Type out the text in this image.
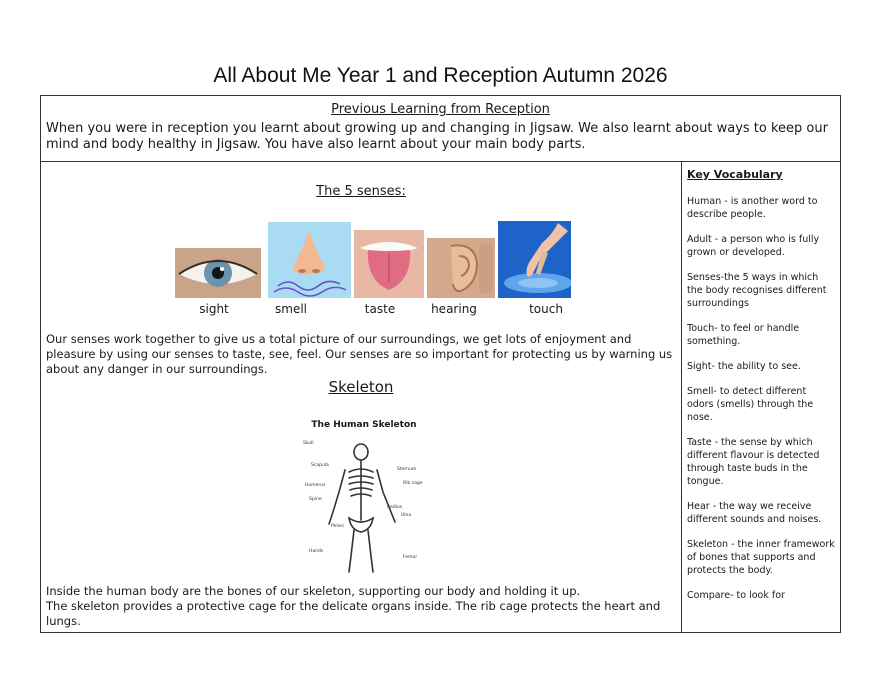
All About Me Year 1 and Reception Autumn 2026
Previous Learning from Reception
When you were in reception you learnt about growing up and changing in Jigsaw. We also learnt about ways to keep our mind and body healthy in Jigsaw. You have also learnt about your main body parts.
The 5 senses:
sight	smell	taste	hearing	touch
Our senses work together to give us a total picture of our surroundings, we get lots of enjoyment and pleasure by using our senses to taste, see, feel. Our senses are so important for protecting us by warning us about any danger in our surroundings.
Skeleton
The Human Skeleton
Skull
Scapula
Humerus
Spine
Pelvis
Hands
Sternum
Rib cage
Radius
Ulna
Femur
Inside the human body are the bones of our skeleton, supporting our body and holding it up.
The skeleton provides a protective cage for the delicate organs inside. The rib cage protects the heart and lungs.
Key Vocabulary
Human - is another word to describe people.
Adult - a person who is fully grown or developed.
Senses-the 5 ways in which the body recognises different surroundings
Touch- to feel or handle something.
Sight- the ability to see.
Smell- to detect different odors (smells) through the nose.
Taste - the sense by which different flavour is detected through taste buds in the tongue.
Hear - the way we receive different sounds and noises.
Skeleton - the inner framework of bones that supports and protects the body.
Compare- to look for
